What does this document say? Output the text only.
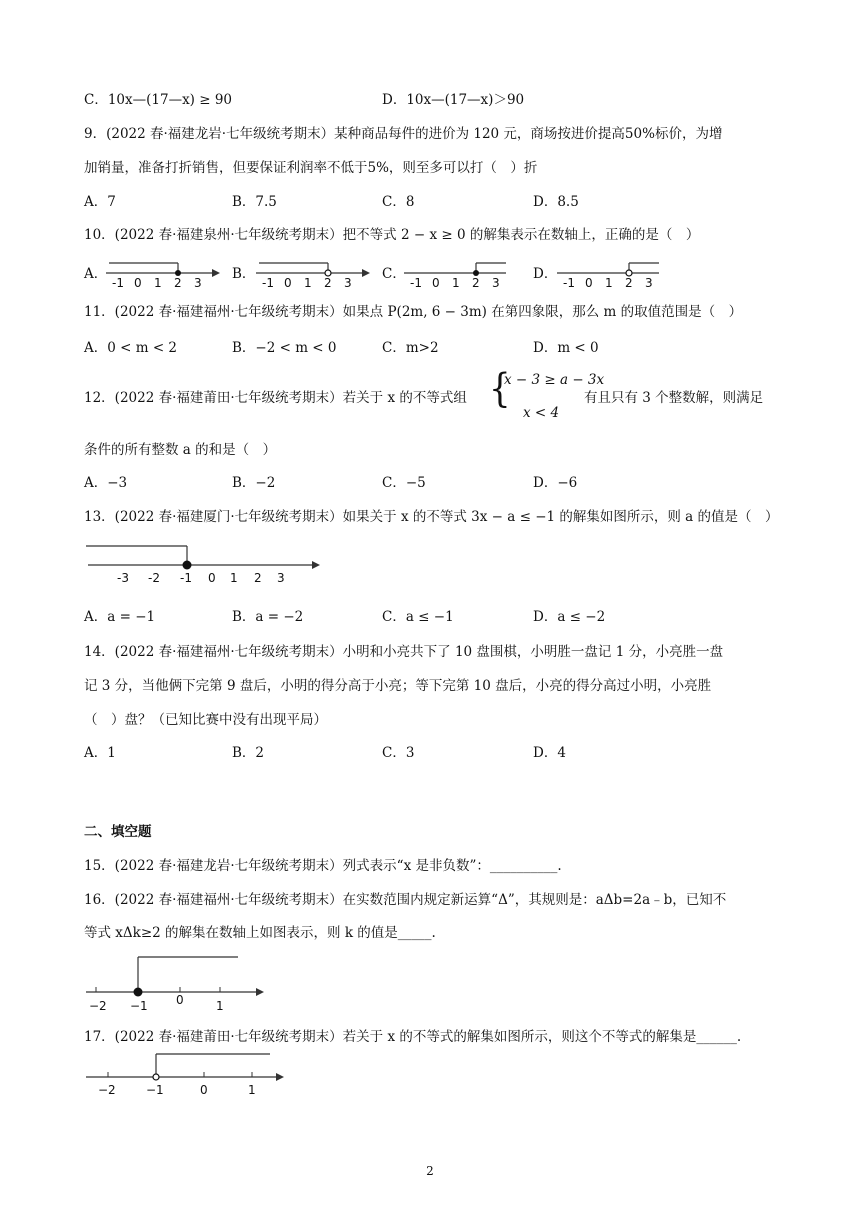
C．10x—(17—x) ≥ 90	D．10x—(17—x)＞90
9．(2022 春·福建龙岩·七年级统考期末）某种商品每件的进价为 120 元，商场按进价提高50%标价，为增
加销量，准备打折销售，但要保证利润率不低于5%，则至多可以打（　）折
A．7	B．7.5	C．8	D．8.5
10．(2022 春·福建泉州·七年级统考期末）把不等式 2 − x ≥ 0 的解集表示在数轴上，正确的是（　）
A．
-1 0 1 2 3
B．
-1 0 1 2 3
C．
-1 0 1 2 3
D．
-1 0 1 2 3
11．(2022 春·福建福州·七年级统考期末）如果点 P(2m, 6 − 3m) 在第四象限，那么 m 的取值范围是（　）
A．0 < m < 2	B．−2 < m < 0	C．m>2	D．m < 0
12．(2022 春·福建莆田·七年级统考期末）若关于 x 的不等式组 {
x − 3 ≥ a − 3x
x < 4
有且只有 3 个整数解，则满足
条件的所有整数 a 的和是（　）
A．−3	B．−2	C．−5	D．−6
13．(2022 春·福建厦门·七年级统考期末）如果关于 x 的不等式 3x − a ≤ −1 的解集如图所示，则 a 的值是（　）
-3 -2 -1 0 1 2 3
A．a = −1	B．a = −2	C．a ≤ −1	D．a ≤ −2
14．(2022 春·福建福州·七年级统考期末）小明和小亮共下了 10 盘围棋，小明胜一盘记 1 分，小亮胜一盘
记 3 分，当他俩下完第 9 盘后，小明的得分高于小亮；等下完第 10 盘后，小亮的得分高过小明，小亮胜
（　）盘？（已知比赛中没有出现平局）
A．1	B．2	C．3	D．4
二、填空题
15．(2022 春·福建龙岩·七年级统考期末）列式表示“x 是非负数”：__________.
16．(2022 春·福建福州·七年级统考期末）在实数范围内规定新运算“Δ”，其规则是：aΔb=2a﹣b，已知不
等式 xΔk≥2 的解集在数轴上如图表示，则 k 的值是_____.
−2 −1 0	1
17．(2022 春·福建莆田·七年级统考期末）若关于 x 的不等式的解集如图所示，则这个不等式的解集是______.
−2	−1	0	1
2
